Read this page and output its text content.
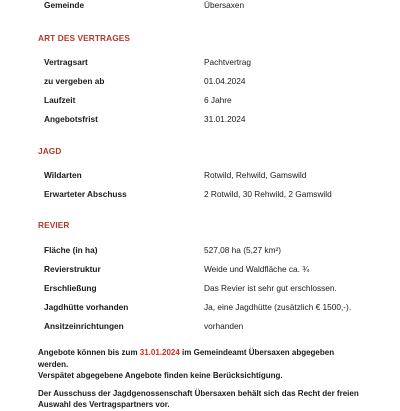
Gemeinde	Übersaxen
ART DES VERTRAGES
Vertragsart	Pachtvertrag
zu vergeben ab	01.04.2024
Laufzeit	6 Jahre
Angebotsfrist	31.01.2024
JAGD
Wildarten	Rotwild, Rehwild, Gamswild
Erwarteter Abschuss	2 Rotwild, 30 Rehwild, 2 Gamswild
REVIER
Fläche (in ha)	527,08 ha (5,27 km²)
Revierstruktur	Weide und Waldfläche ca. ¾
Erschließung	Das Revier ist sehr gut erschlossen.
Jagdhütte vorhanden	Ja, eine Jagdhütte (zusätzlich € 1500,-).
Ansitzeinrichtungen	vorhanden

Angebote können bis zum 31.01.2024 im Gemeindeamt Übersaxen abgegeben

werden.

Verspätet abgegebene Angebote finden keine Berücksichtigung.

Der Ausschuss der Jagdgenossenschaft Übersaxen behält sich das Recht der freien

Auswahl des Vertragspartners vor.
